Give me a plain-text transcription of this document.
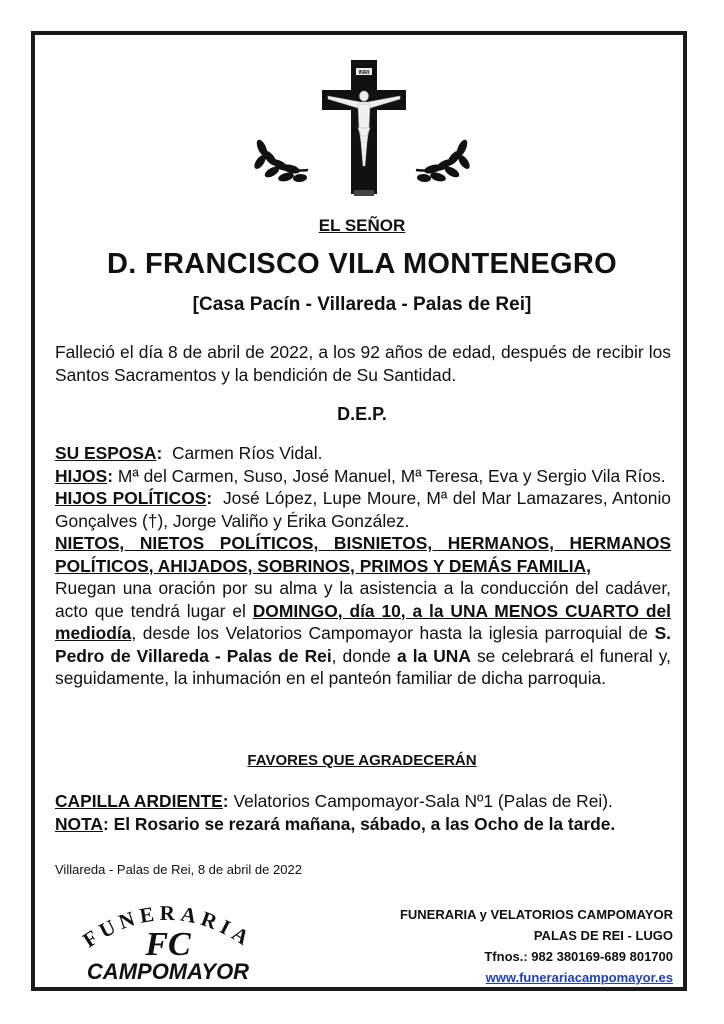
INRI
EL SEÑOR
D. FRANCISCO VILA MONTENEGRO
[Casa Pacín - Villareda - Palas de Rei]
Falleció el día 8 de abril de 2022, a los 92 años de edad, después de recibir los Santos Sacramentos y la bendición de Su Santidad.
D.E.P.

SU ESPOSA: Carmen Ríos Vidal.

HIJOS: Mª del Carmen, Suso, José Manuel, Mª Teresa, Eva y Sergio Vila Ríos.

HIJOS POLÍTICOS: José López, Lupe Moure, Mª del Mar Lamazares, Antonio Gonçalves (†), Jorge Valiño y Érika González.

NIETOS, NIETOS POLÍTICOS, BISNIETOS, HERMANOS, HERMANOS POLÍTICOS, AHIJADOS, SOBRINOS, PRIMOS Y DEMÁS FAMILIA,

Ruegan una oración por su alma y la asistencia a la conducción del cadáver, acto que tendrá lugar el DOMINGO, día 10, a la UNA MENOS CUARTO del mediodía, desde los Velatorios Campomayor hasta la iglesia parroquial de S. Pedro de Villareda - Palas de Rei, donde a la UNA se celebrará el funeral y, seguidamente, la inhumación en el panteón familiar de dicha parroquia.

FAVORES QUE AGRADECERÁN

CAPILLA ARDIENTE: Velatorios Campomayor-Sala Nº1 (Palas de Rei).

NOTA: El Rosario se rezará mañana, sábado, a las Ocho de la tarde.

Villareda - Palas de Rei, 8 de abril de 2022
FUNERARIA
FC
CAMPOMAYOR
FUNERARIA y VELATORIOS CAMPOMAYOR
PALAS DE REI - LUGO
Tfnos.: 982 380169-689 801700
www.funerariacampomayor.es
